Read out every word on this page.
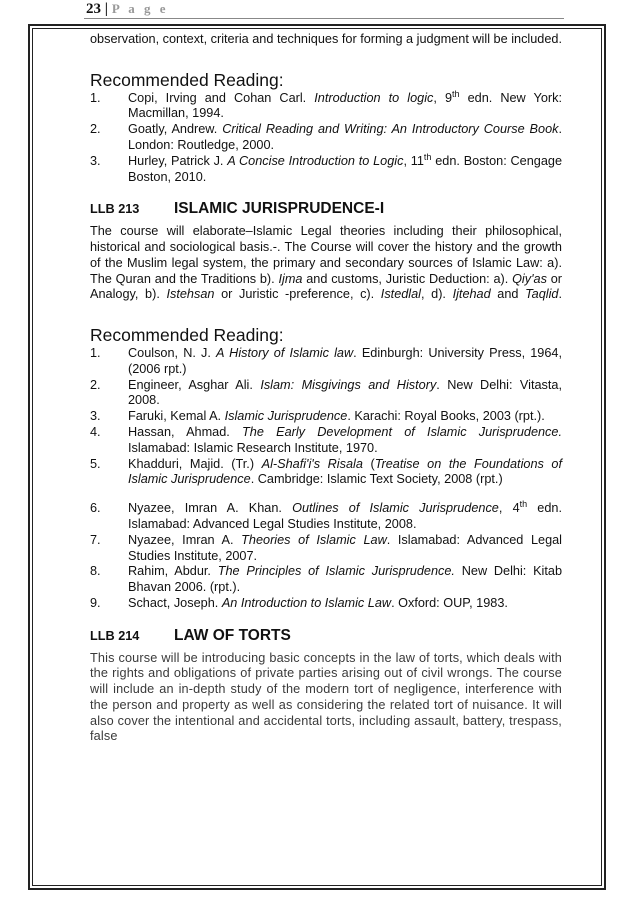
23 | P a g e
observation, context, criteria and techniques for forming a judgment will be included.
Recommended Reading:
1. Copi, Irving and Cohan Carl. Introduction to logic, 9th edn. New York: Macmillan, 1994.
2. Goatly, Andrew. Critical Reading and Writing: An Introductory Course Book. London: Routledge, 2000.
3. Hurley, Patrick J. A Concise Introduction to Logic, 11th edn. Boston: Cengage Boston, 2010.
LLB 213	ISLAMIC JURISPRUDENCE-I
The course will elaborate–Islamic Legal theories including their philosophical, historical and sociological basis.-. The Course will cover the history and the growth of the Muslim legal system, the primary and secondary sources of Islamic Law: a). The Quran and the Traditions b). Ijma and customs, Juristic Deduction: a). Qiy'as or Analogy, b). Istehsan or Juristic -preference, c). Istedlal, d). Ijtehad and Taqlid.
Recommended Reading:
1. Coulson, N. J. A History of Islamic law. Edinburgh: University Press, 1964, (2006 rpt.)
2. Engineer, Asghar Ali. Islam: Misgivings and History. New Delhi: Vitasta, 2008.
3. Faruki, Kemal A. Islamic Jurisprudence. Karachi: Royal Books, 2003 (rpt.).
4. Hassan, Ahmad. The Early Development of Islamic Jurisprudence. Islamabad: Islamic Research Institute, 1970.
5. Khadduri, Majid. (Tr.) Al-Shafi'i's Risala (Treatise on the Foundations of Islamic Jurisprudence. Cambridge: Islamic Text Society, 2008 (rpt.)
6. Nyazee, Imran A. Khan. Outlines of Islamic Jurisprudence, 4th edn. Islamabad: Advanced Legal Studies Institute, 2008.
7. Nyazee, Imran A. Theories of Islamic Law. Islamabad: Advanced Legal Studies Institute, 2007.
8. Rahim, Abdur. The Principles of Islamic Jurisprudence. New Delhi: Kitab Bhavan 2006. (rpt.).
9. Schact, Joseph. An Introduction to Islamic Law. Oxford: OUP, 1983.
LLB 214	LAW OF TORTS
This course will be introducing basic concepts in the law of torts, which deals with the rights and obligations of private parties arising out of civil wrongs. The course will include an in-depth study of the modern tort of negligence, interference with the person and property as well as considering the related tort of nuisance. It will also cover the intentional and accidental torts, including assault, battery, trespass, false
